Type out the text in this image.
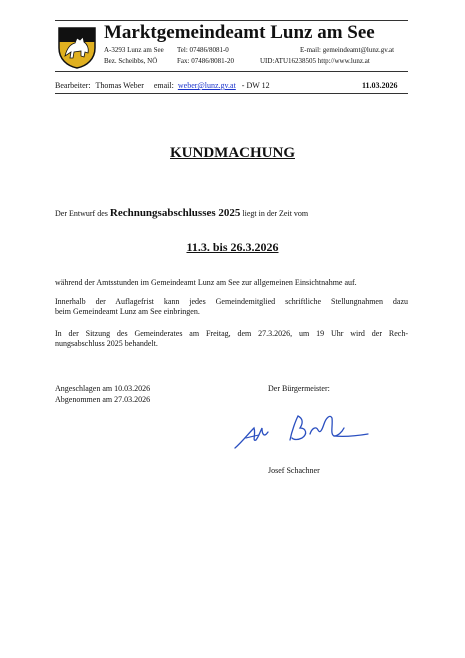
Marktgemeindeamt Lunz am See
A-3293 Lunz am See Tel: 07486/8081-0	E-mail: gemeindeamt@lunz.gv.at
Bez. Scheibbs, NÖ	Fax: 07486/8081-20	UID:ATU16238505 http://www.lunz.at
Bearbeiter: Thomas Weber email: weber@lunz.gv.at - DW 12	11.03.2026
KUNDMACHUNG
Der Entwurf des Rechnungsabschlusses 2025 liegt in der Zeit vom
11.3. bis 26.3.2026
während der Amtsstunden im Gemeindeamt Lunz am See zur allgemeinen Einsichtnahme auf.
Innerhalb der Auflagefrist kann jedes Gemeindemitglied schriftliche Stellungnahmen dazu
beim Gemeindeamt Lunz am See einbringen.
In der Sitzung des Gemeinderates am Freitag, dem 27.3.2026, um 19 Uhr wird der Rech-
nungsabschluss 2025 behandelt.
Angeschlagen am 10.03.2026
Abgenommen am 27.03.2026
Der Bürgermeister:
Josef Schachner
